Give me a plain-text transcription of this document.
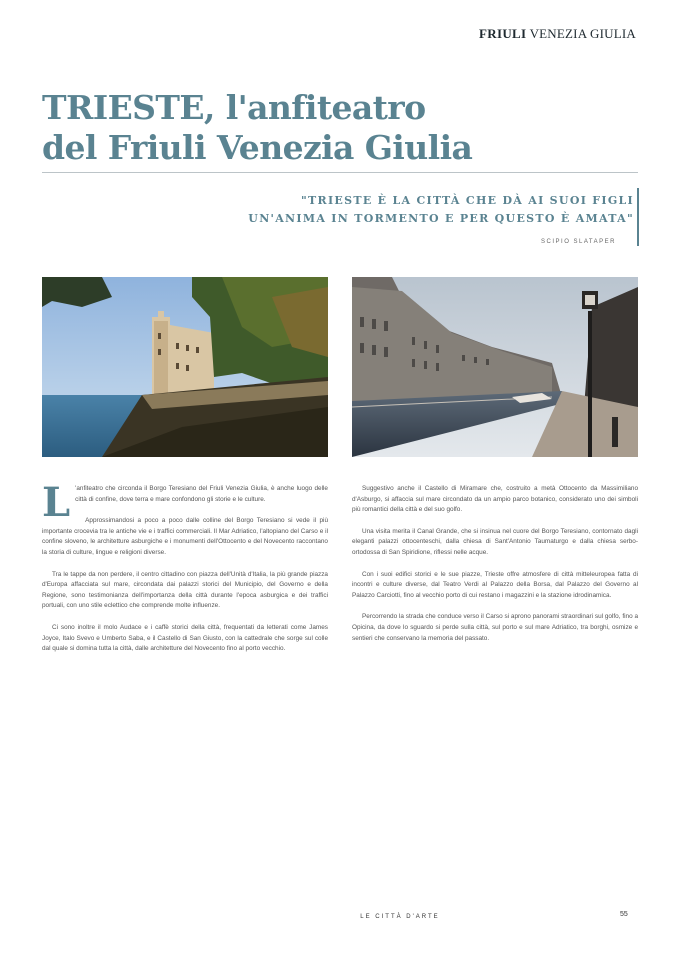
FRIULI VENEZIA GIULIA
TRIESTE, l'anfiteatro
del Friuli Venezia Giulia
"TRIESTE È LA CITTÀ CHE DÀ AI SUOI FIGLI
UN'ANIMA IN TORMENTO E PER QUESTO È AMATA"
SCIPIO SLATAPER

L 'anfiteatro che circonda il Borgo Teresiano del Friuli Venezia Giulia, è anche luogo delle città di confine, dove terra e mare confondono gli storie e le culture.

Approssimandosi a poco a poco dalle colline del Borgo Teresiano si vede il più importante crocevia tra le antiche vie e i traffici commerciali. Il Mar Adriatico, l'altopiano del Carso e il confine sloveno, le architetture asburgiche e i monumenti dell'Ottocento e del Novecento raccontano la storia di culture, lingue e religioni diverse.

Tra le tappe da non perdere, il centro cittadino con piazza dell'Unità d'Italia, la più grande piazza d'Europa affacciata sul mare, circondata dai palazzi storici del Municipio, del Governo e della Regione, sono testimonianza dell'importanza della città durante l'epoca asburgica e dei traffici portuali, con uno stile eclettico che comprende molte influenze.

Ci sono inoltre il molo Audace e i caffè storici della città, frequentati da letterati come James Joyce, Italo Svevo e Umberto Saba, e il Castello di San Giusto, con la cattedrale che sorge sul colle dal quale si domina tutta la città, dalle architetture del Novecento fino al porto vecchio.

Suggestivo anche il Castello di Miramare che, costruito a metà Ottocento da Massimiliano d'Asburgo, si affaccia sul mare circondato da un ampio parco botanico, considerato uno dei simboli più romantici della città e del suo golfo.

Una visita merita il Canal Grande, che si insinua nel cuore del Borgo Teresiano, contornato dagli eleganti palazzi ottocenteschi, dalla chiesa di Sant'Antonio Taumaturgo e dalla chiesa serbo-ortodossa di San Spiridione, riflessi nelle acque.

Con i suoi edifici storici e le sue piazze, Trieste offre atmosfere di città mitteleuropea fatta di incontri e culture diverse, dal Teatro Verdi al Palazzo della Borsa, dal Palazzo del Governo al Palazzo Carciotti, fino al vecchio porto di cui restano i magazzini e la stazione idrodinamica.

Percorrendo la strada che conduce verso il Carso si aprono panorami straordinari sul golfo, fino a Opicina, da dove lo sguardo si perde sulla città, sul porto e sul mare Adriatico, tra borghi, osmize e sentieri che conservano la memoria del passato.

LE CITTÀ D'ARTE	55
